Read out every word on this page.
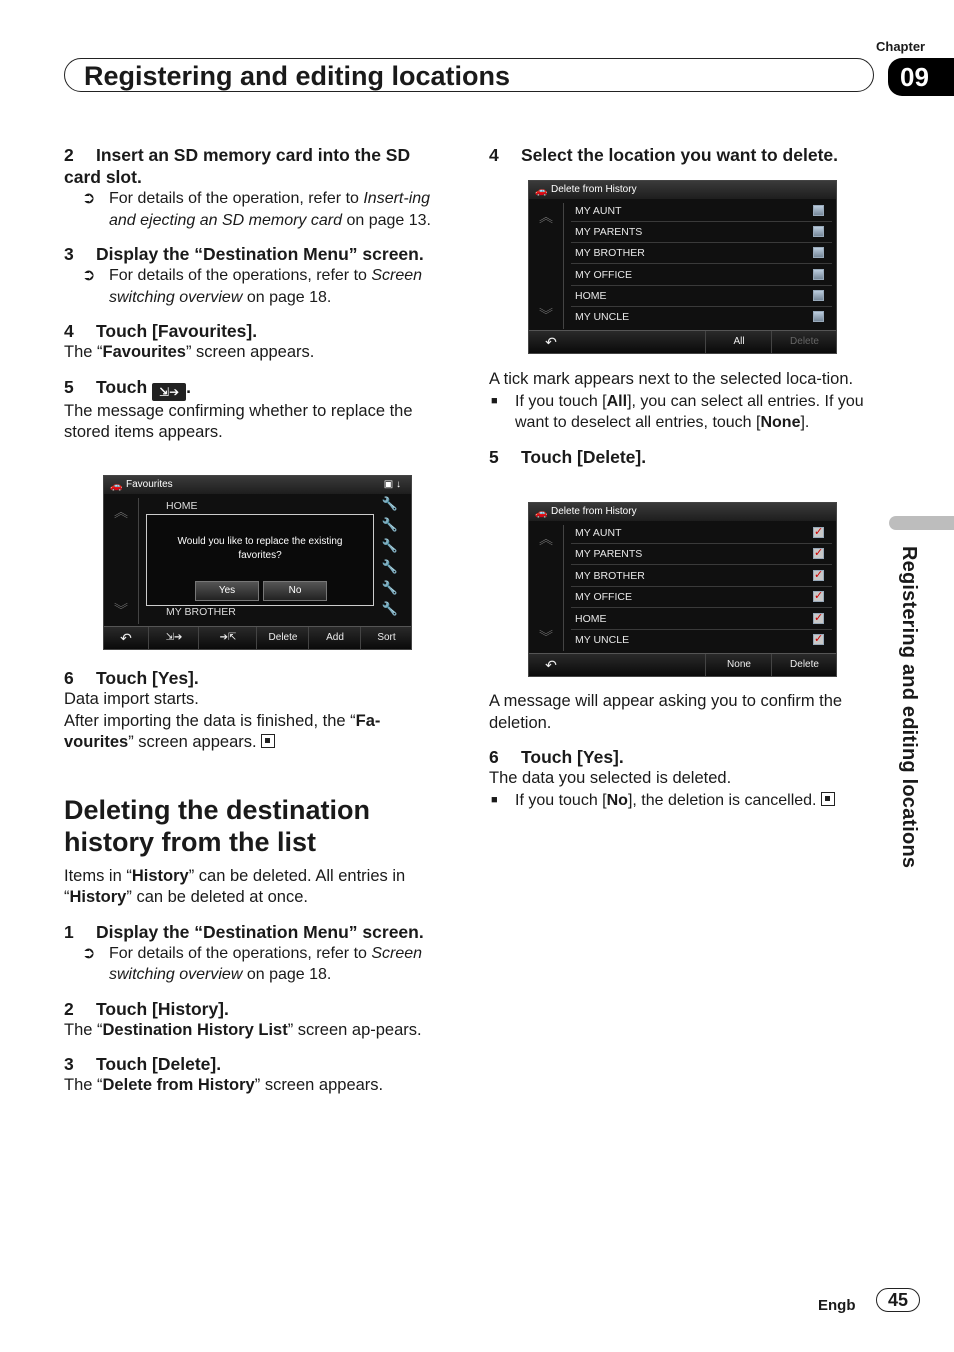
Chapter
Registering and editing locations	09

2 Insert an SD memory card into the SD card slot.

➲ For details of the operation, refer to Insert-ing and ejecting an SD memory card on page 13.

3 Display the “Destination Menu” screen.

➲ For details of the operations, refer to Screen switching overview on page 18.

4 Touch [Favourites].

The “Favourites” screen appears.

5 Touch ⇲➔ .

The message confirming whether to replace the stored items appears.

🚗 Favourites	▣ ↓
︽
︾
HOME
MY BROTHER
🔧
🔧
🔧
🔧
🔧
🔧
Would you like to replace the existing favorites?
Yes	No
↶	⇲➔	➔⇱	Delete	Add	Sort

6 Touch [Yes].

Data import starts.

After importing the data is finished, the “Fa-vourites” screen appears.

Deleting the destination history from the list

Items in “History” can be deleted. All entries in “History” can be deleted at once.

1 Display the “Destination Menu” screen.

➲ For details of the operations, refer to Screen switching overview on page 18.

2 Touch [History].

The “Destination History List” screen ap-pears.

3 Touch [Delete].

The “Delete from History” screen appears.

4 Select the location you want to delete.

🚗 Delete from History
︽
︾
MY AUNT
MY PARENTS
MY BROTHER
MY OFFICE
HOME
MY UNCLE
↶	All	Delete

A tick mark appears next to the selected loca-tion.

■ If you touch [All], you can select all entries. If you want to deselect all entries, touch [None].

5 Touch [Delete].

🚗 Delete from History
︽
︾
MY AUNT	✓
MY PARENTS	✓
MY BROTHER	✓
MY OFFICE	✓
HOME	✓
MY UNCLE	✓
↶	None	Delete

A message will appear asking you to confirm the deletion.

6 Touch [Yes].

The data you selected is deleted.

■ If you touch [No], the deletion is cancelled.	Registering and editing locations
Engb	45
